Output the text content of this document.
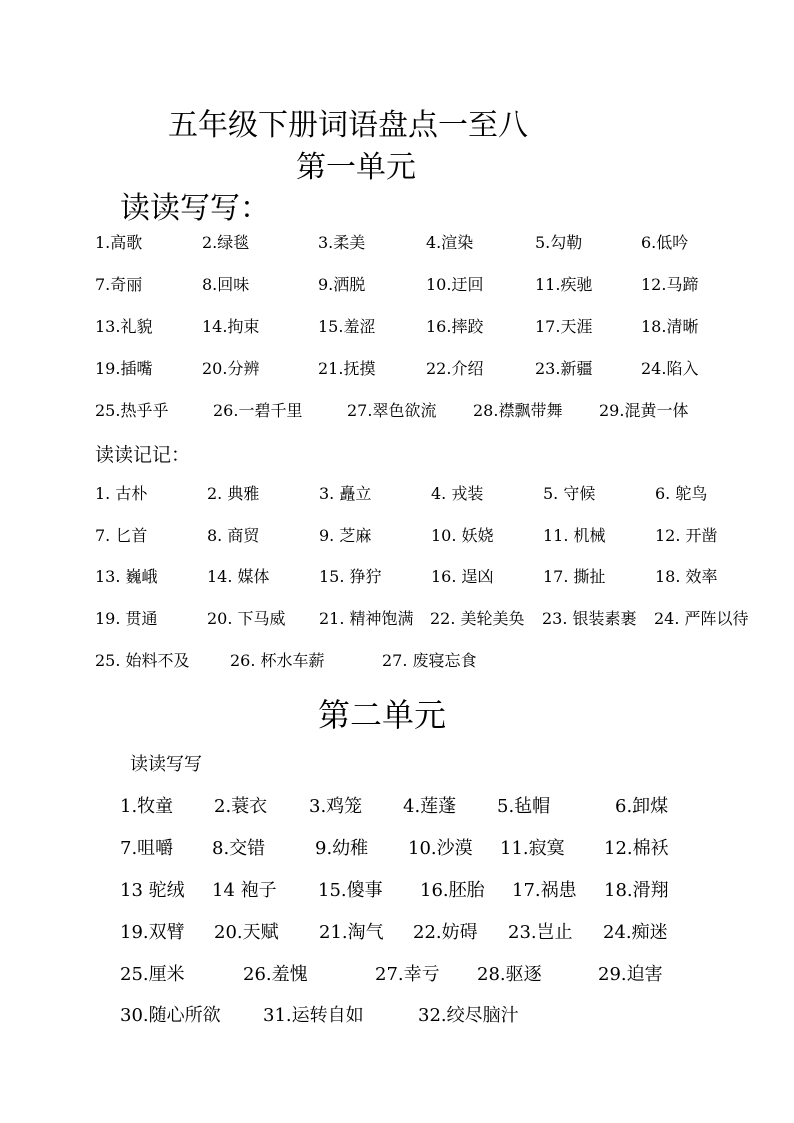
五年级下册词语盘点一至八
第一单元
读读写写：
1.高歌	2.绿毯	3.柔美	4.渲染	5.勾勒	6.低吟
7.奇丽	8.回味	9.洒脱	10.迂回	11.疾驰	12.马蹄
13.礼貌	14.拘束	15.羞涩	16.摔跤	17.天涯	18.清晰
19.插嘴	20.分辨	21.抚摸	22.介绍	23.新疆	24.陷入
25.热乎乎	26.一碧千里	27.翠色欲流 28.襟飘带舞 29.混黄一体
读读记记：
1. 古朴	2. 典雅	3. 矗立	4. 戎装	5. 守候	6. 鸵鸟
7. 匕首	8. 商贸	9. 芝麻	10. 妖娆	11. 机械	12. 开凿
13. 巍峨	14. 媒体	15. 狰狞	16. 逞凶	17. 撕扯	18. 效率
19. 贯通	20. 下马威 21. 精神饱满 22. 美轮美奂 23. 银装素裹 24. 严阵以待
25. 始料不及	26. 杯水车薪	27. 废寝忘食
第二单元
读读写写
1.牧童 2.蓑衣 3.鸡笼 4.莲蓬 5.毡帽	6.卸煤
7.咀嚼 8.交错	9.幼稚 10.沙漠 11.寂寞 12.棉袄
13 驼绒 14 袍子 15.傻事 16.胚胎 17.祸患 18.滑翔
19.双臂 20.天赋 21.淘气 22.妨碍 23.岂止 24.痴迷
25.厘米	26.羞愧	27.幸亏 28.驱逐	29.迫害
30.随心所欲 31.运转自如	32.绞尽脑汁
